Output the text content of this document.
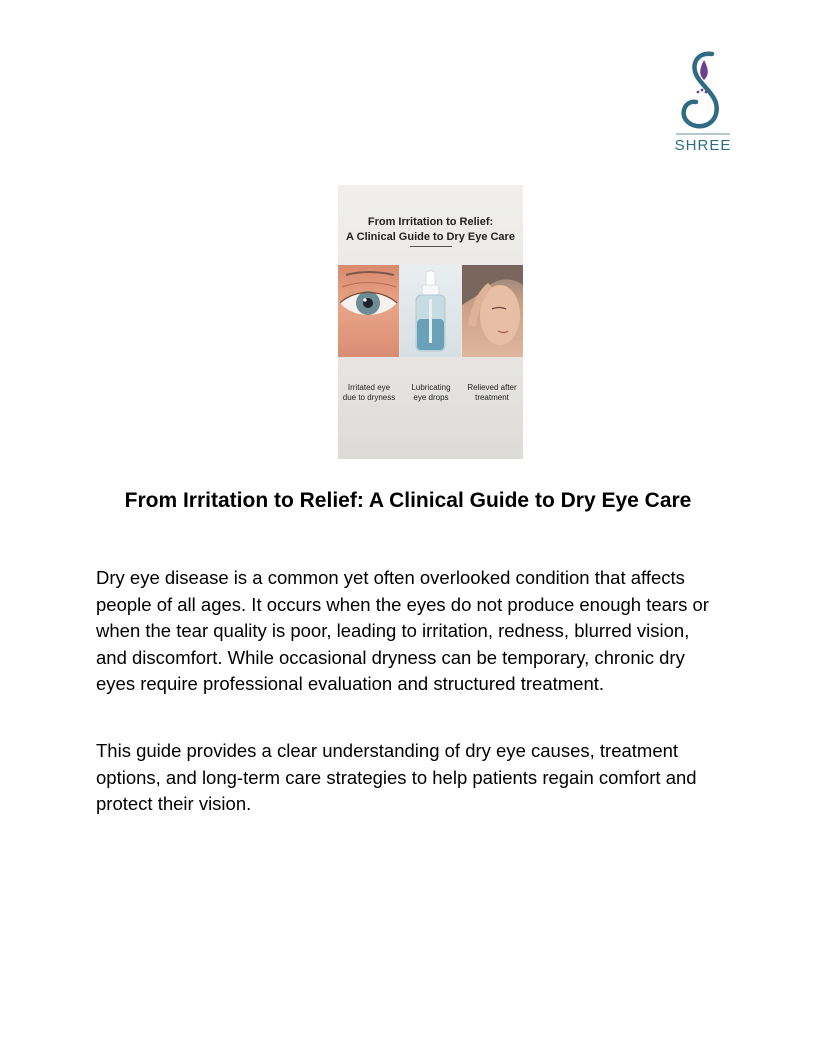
SHREE
From Irritation to Relief:
A Clinical Guide to Dry Eye Care
Irritated eye
due to dryness
Lubricating
eye drops
Relieved after
treatment
From Irritation to Relief: A Clinical Guide to Dry Eye Care

Dry eye disease is a common yet often overlooked condition that affects people of all ages. It occurs when the eyes do not produce enough tears or when the tear quality is poor, leading to irritation, redness, blurred vision, and discomfort. While occasional dryness can be temporary, chronic dry eyes require professional evaluation and structured treatment.

This guide provides a clear understanding of dry eye causes, treatment options, and long-term care strategies to help patients regain comfort and protect their vision.
